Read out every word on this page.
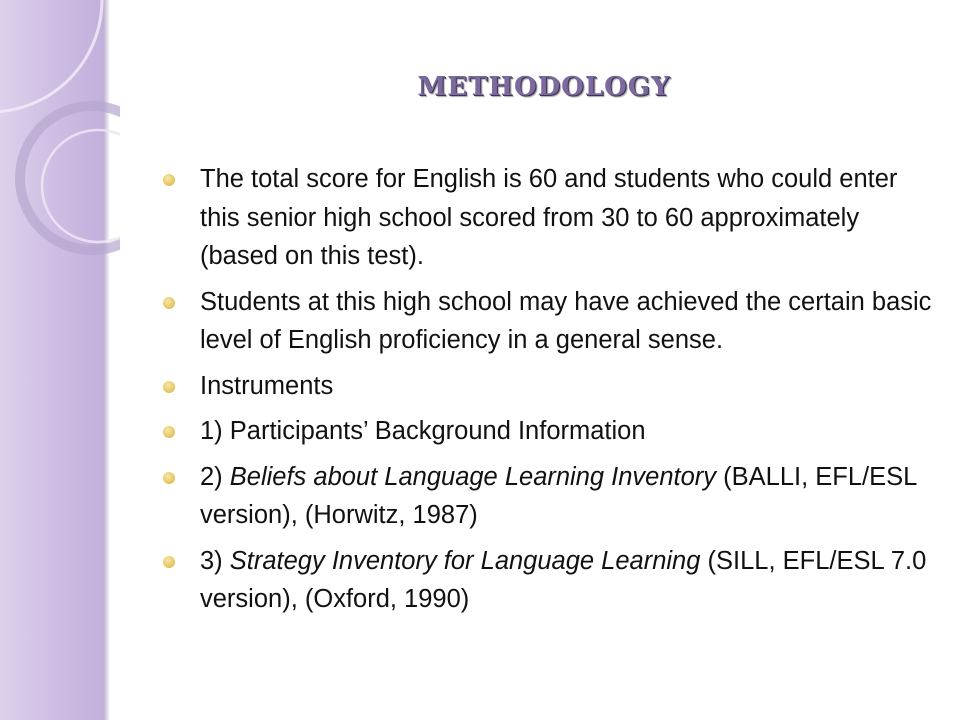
METHODOLOGY
The total score for English is 60 and students who could enter this senior high school scored from 30 to 60 approximately (based on this test).
Students at this high school may have achieved the certain basic level of English proficiency in a general sense.
Instruments
1) Participants’ Background Information
2) Beliefs about Language Learning Inventory (BALLI, EFL/ESL version), (Horwitz, 1987)
3) Strategy Inventory for Language Learning (SILL, EFL/ESL 7.0 version), (Oxford, 1990)
